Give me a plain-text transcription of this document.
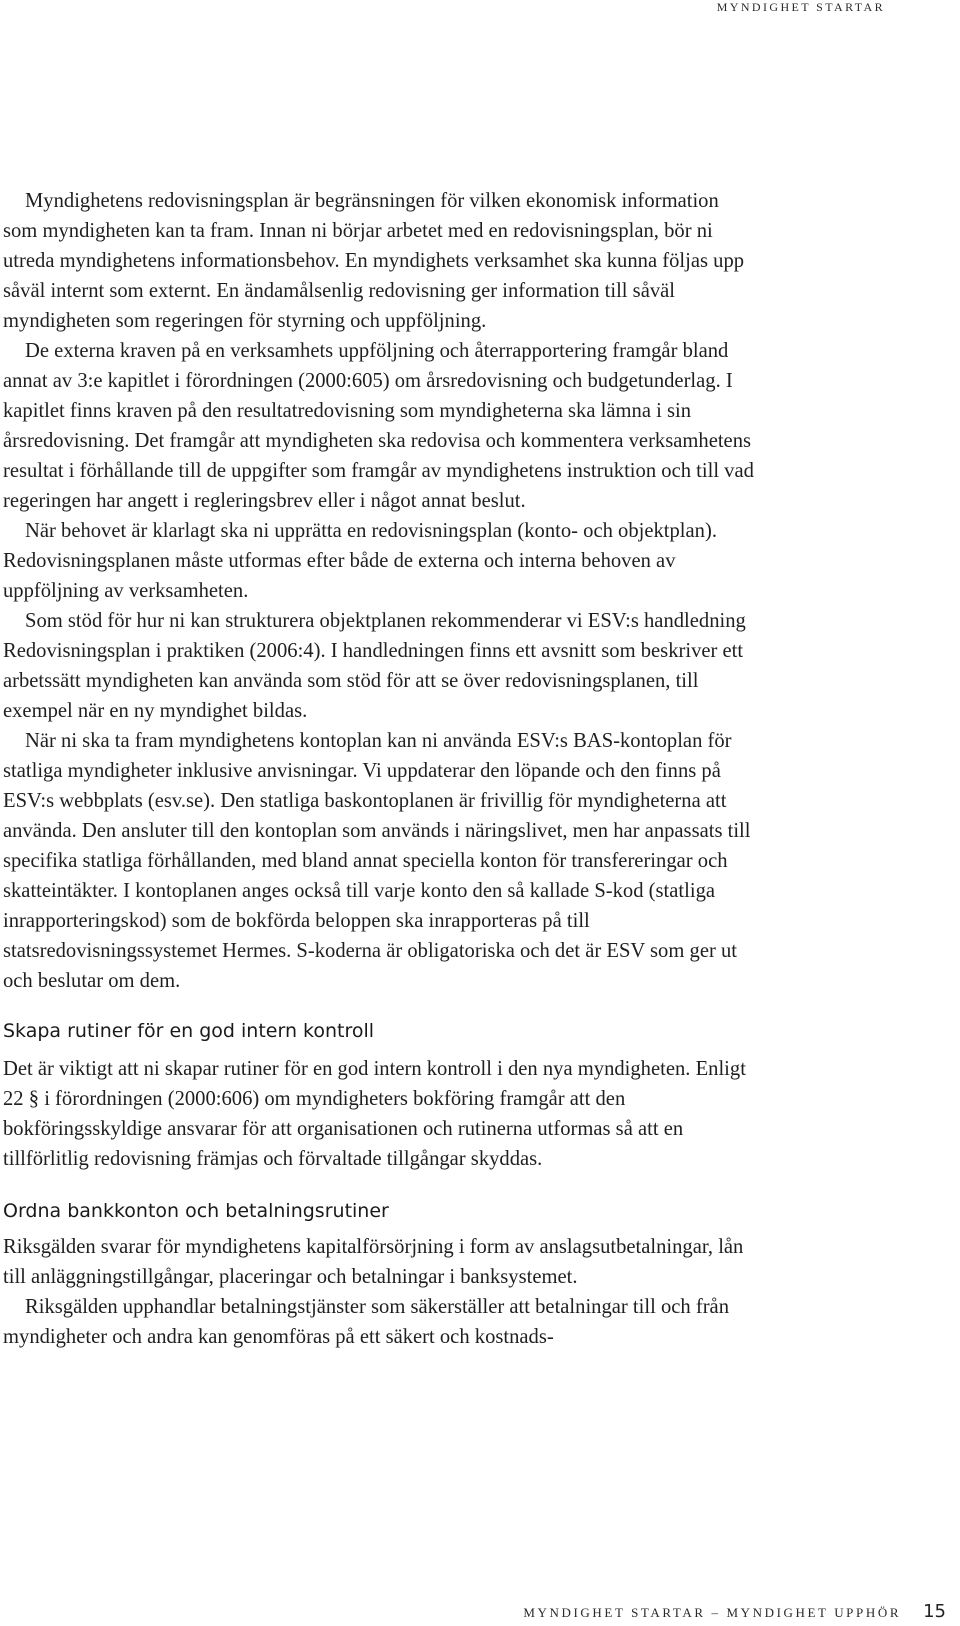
MYNDIGHET STARTAR

Myndighetens redovisningsplan är begränsningen för vilken ekonomisk information som myndigheten kan ta fram. Innan ni börjar arbetet med en redovisningsplan, bör ni utreda myndighetens informationsbehov. En myndighets verksamhet ska kunna följas upp såväl internt som externt. En ändamålsenlig redovisning ger information till såväl myndigheten som regeringen för styrning och uppföljning.

De externa kraven på en verksamhets uppföljning och återrapportering framgår bland annat av 3:e kapitlet i förordningen (2000:605) om årsredovisning och budgetunderlag. I kapitlet finns kraven på den resultatredovisning som myndigheterna ska lämna i sin årsredovisning. Det framgår att myndigheten ska redovisa och kommentera verksamhetens resultat i förhållande till de uppgifter som framgår av myndighetens instruktion och till vad regeringen har angett i regleringsbrev eller i något annat beslut.

När behovet är klarlagt ska ni upprätta en redovisningsplan (konto- och objektplan). Redovisningsplanen måste utformas efter både de externa och interna behoven av uppföljning av verksamheten.

Som stöd för hur ni kan strukturera objektplanen rekommenderar vi ESV:s handledning Redovisningsplan i praktiken (2006:4). I handledningen finns ett avsnitt som beskriver ett arbetssätt myndigheten kan använda som stöd för att se över redovisningsplanen, till exempel när en ny myndighet bildas.

När ni ska ta fram myndighetens kontoplan kan ni använda ESV:s BAS-kontoplan för statliga myndigheter inklusive anvisningar. Vi uppdaterar den löpande och den finns på ESV:s webbplats (esv.se). Den statliga baskontoplanen är frivillig för myndigheterna att använda. Den ansluter till den kontoplan som används i näringslivet, men har anpassats till specifika statliga förhållanden, med bland annat speciella konton för transfereringar och skatteintäkter. I kontoplanen anges också till varje konto den så kallade S-kod (statliga inrapporteringskod) som de bokförda beloppen ska inrapporteras på till statsredovisningssystemet Hermes. S-koderna är obligatoriska och det är ESV som ger ut och beslutar om dem.

Skapa rutiner för en god intern kontroll

Det är viktigt att ni skapar rutiner för en god intern kontroll i den nya myndigheten. Enligt 22 § i förordningen (2000:606) om myndigheters bokföring framgår att den bokföringsskyldige ansvarar för att organisationen och rutinerna utformas så att en tillförlitlig redovisning främjas och förvaltade tillgångar skyddas.

Ordna bankkonton och betalningsrutiner

Riksgälden svarar för myndighetens kapitalförsörjning i form av anslagsutbetalningar, lån till anläggningstillgångar, placeringar och betalningar i banksystemet.

Riksgälden upphandlar betalningstjänster som säkerställer att betalningar till och från myndigheter och andra kan genomföras på ett säkert och kostnads-

MYNDIGHET STARTAR – MYNDIGHET UPPHÖR 15
